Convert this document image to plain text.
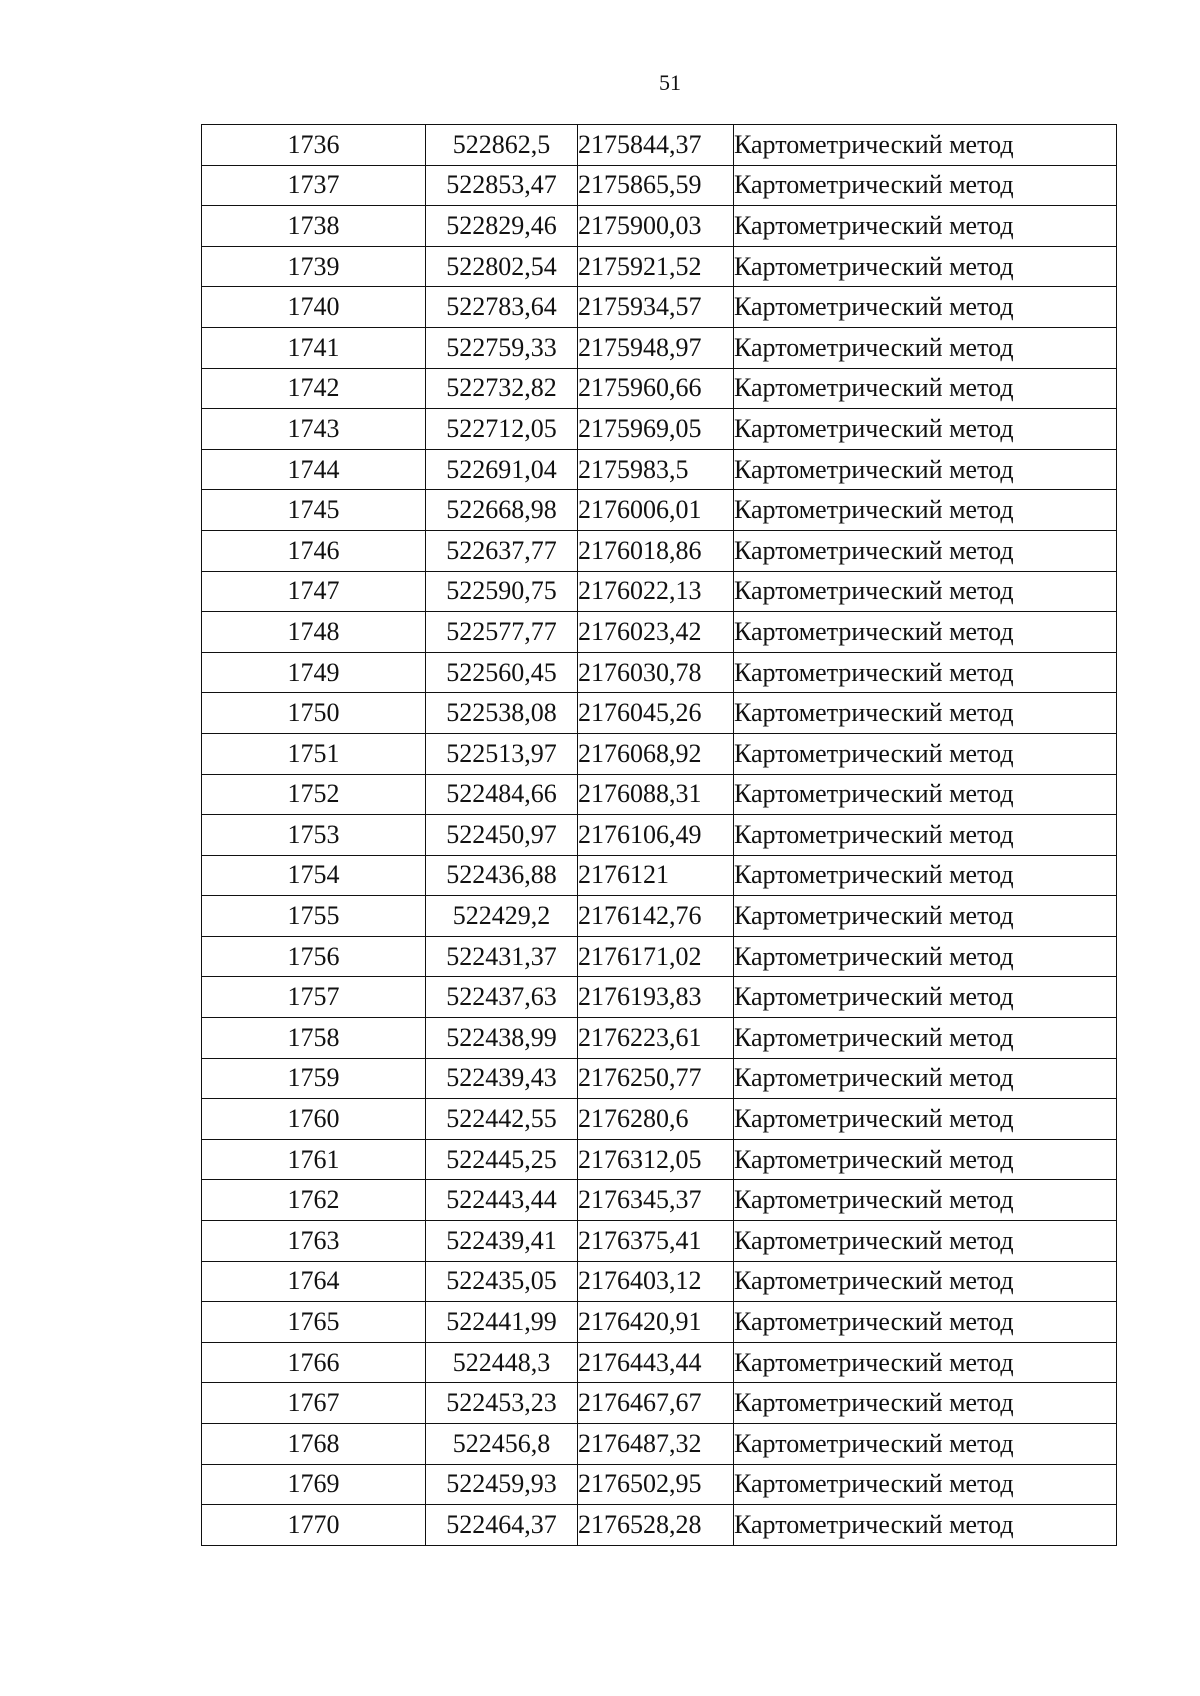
51
1736	522862,5	2175844,37	Картометрический метод
1737	522853,47	2175865,59	Картометрический метод
1738	522829,46	2175900,03	Картометрический метод
1739	522802,54	2175921,52	Картометрический метод
1740	522783,64	2175934,57	Картометрический метод
1741	522759,33	2175948,97	Картометрический метод
1742	522732,82	2175960,66	Картометрический метод
1743	522712,05	2175969,05	Картометрический метод
1744	522691,04	2175983,5	Картометрический метод
1745	522668,98	2176006,01	Картометрический метод
1746	522637,77	2176018,86	Картометрический метод
1747	522590,75	2176022,13	Картометрический метод
1748	522577,77	2176023,42	Картометрический метод
1749	522560,45	2176030,78	Картометрический метод
1750	522538,08	2176045,26	Картометрический метод
1751	522513,97	2176068,92	Картометрический метод
1752	522484,66	2176088,31	Картометрический метод
1753	522450,97	2176106,49	Картометрический метод
1754	522436,88	2176121	Картометрический метод
1755	522429,2	2176142,76	Картометрический метод
1756	522431,37	2176171,02	Картометрический метод
1757	522437,63	2176193,83	Картометрический метод
1758	522438,99	2176223,61	Картометрический метод
1759	522439,43	2176250,77	Картометрический метод
1760	522442,55	2176280,6	Картометрический метод
1761	522445,25	2176312,05	Картометрический метод
1762	522443,44	2176345,37	Картометрический метод
1763	522439,41	2176375,41	Картометрический метод
1764	522435,05	2176403,12	Картометрический метод
1765	522441,99	2176420,91	Картометрический метод
1766	522448,3	2176443,44	Картометрический метод
1767	522453,23	2176467,67	Картометрический метод
1768	522456,8	2176487,32	Картометрический метод
1769	522459,93	2176502,95	Картометрический метод
1770	522464,37	2176528,28	Картометрический метод
